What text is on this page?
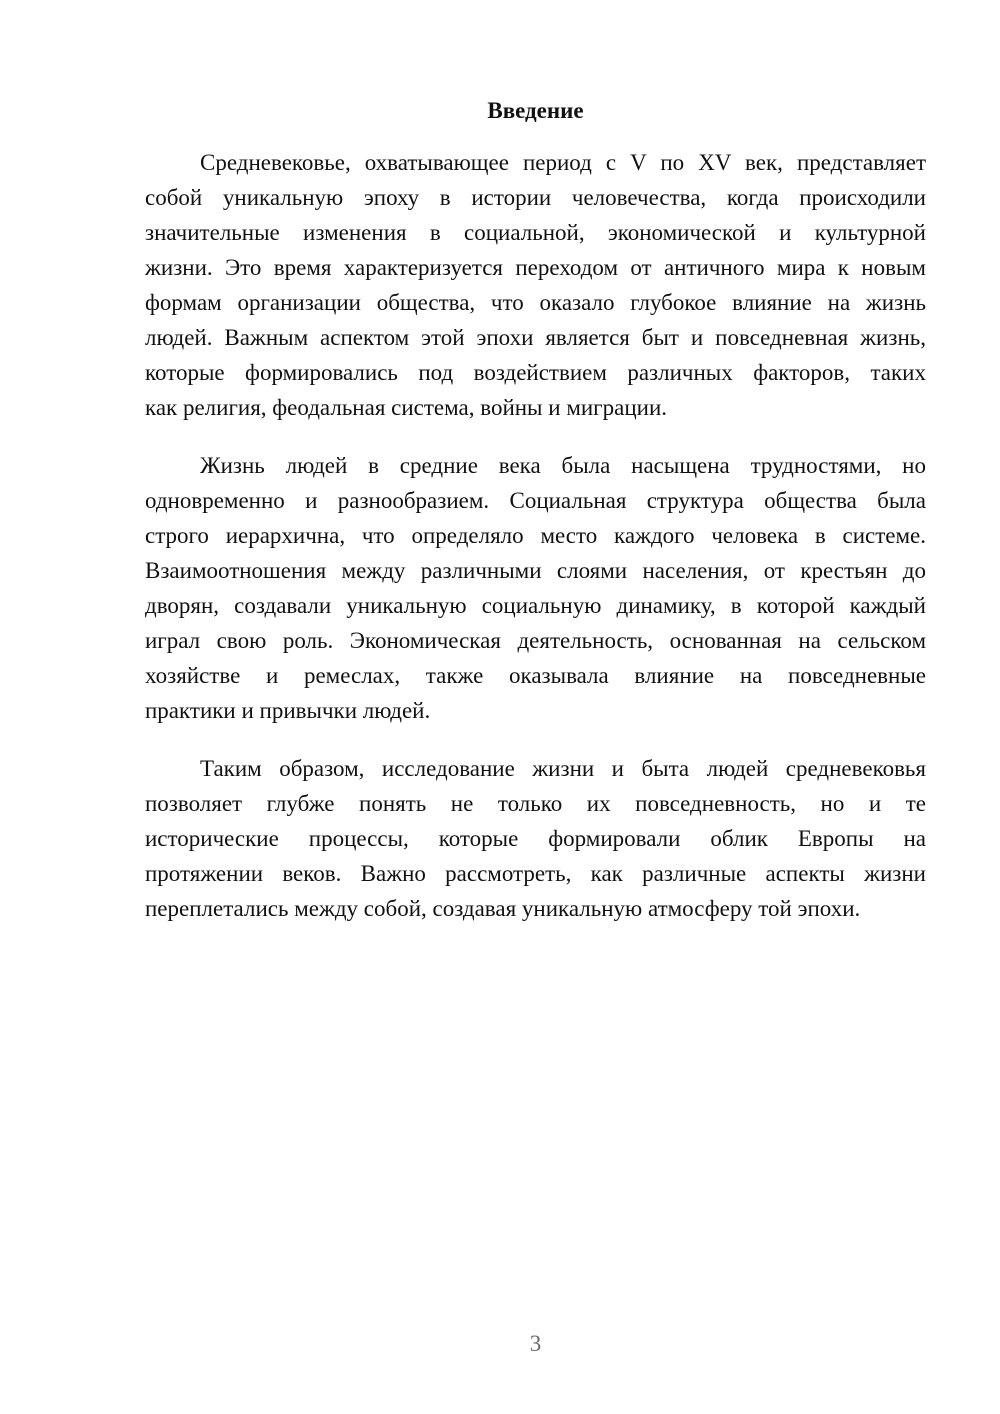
Введение
Средневековье, охватывающее период с V по XV век, представляет
собой уникальную эпоху в истории человечества, когда происходили
значительные изменения в социальной, экономической и культурной
жизни. Это время характеризуется переходом от античного мира к новым
формам организации общества, что оказало глубокое влияние на жизнь
людей. Важным аспектом этой эпохи является быт и повседневная жизнь,
которые формировались под воздействием различных факторов, таких
как религия, феодальная система, войны и миграции.
Жизнь людей в средние века была насыщена трудностями, но
одновременно и разнообразием. Социальная структура общества была
строго иерархична, что определяло место каждого человека в системе.
Взаимоотношения между различными слоями населения, от крестьян до
дворян, создавали уникальную социальную динамику, в которой каждый
играл свою роль. Экономическая деятельность, основанная на сельском
хозяйстве и ремеслах, также оказывала влияние на повседневные
практики и привычки людей.
Таким образом, исследование жизни и быта людей средневековья
позволяет глубже понять не только их повседневность, но и те
исторические процессы, которые формировали облик Европы на
протяжении веков. Важно рассмотреть, как различные аспекты жизни
переплетались между собой, создавая уникальную атмосферу той эпохи.
3
